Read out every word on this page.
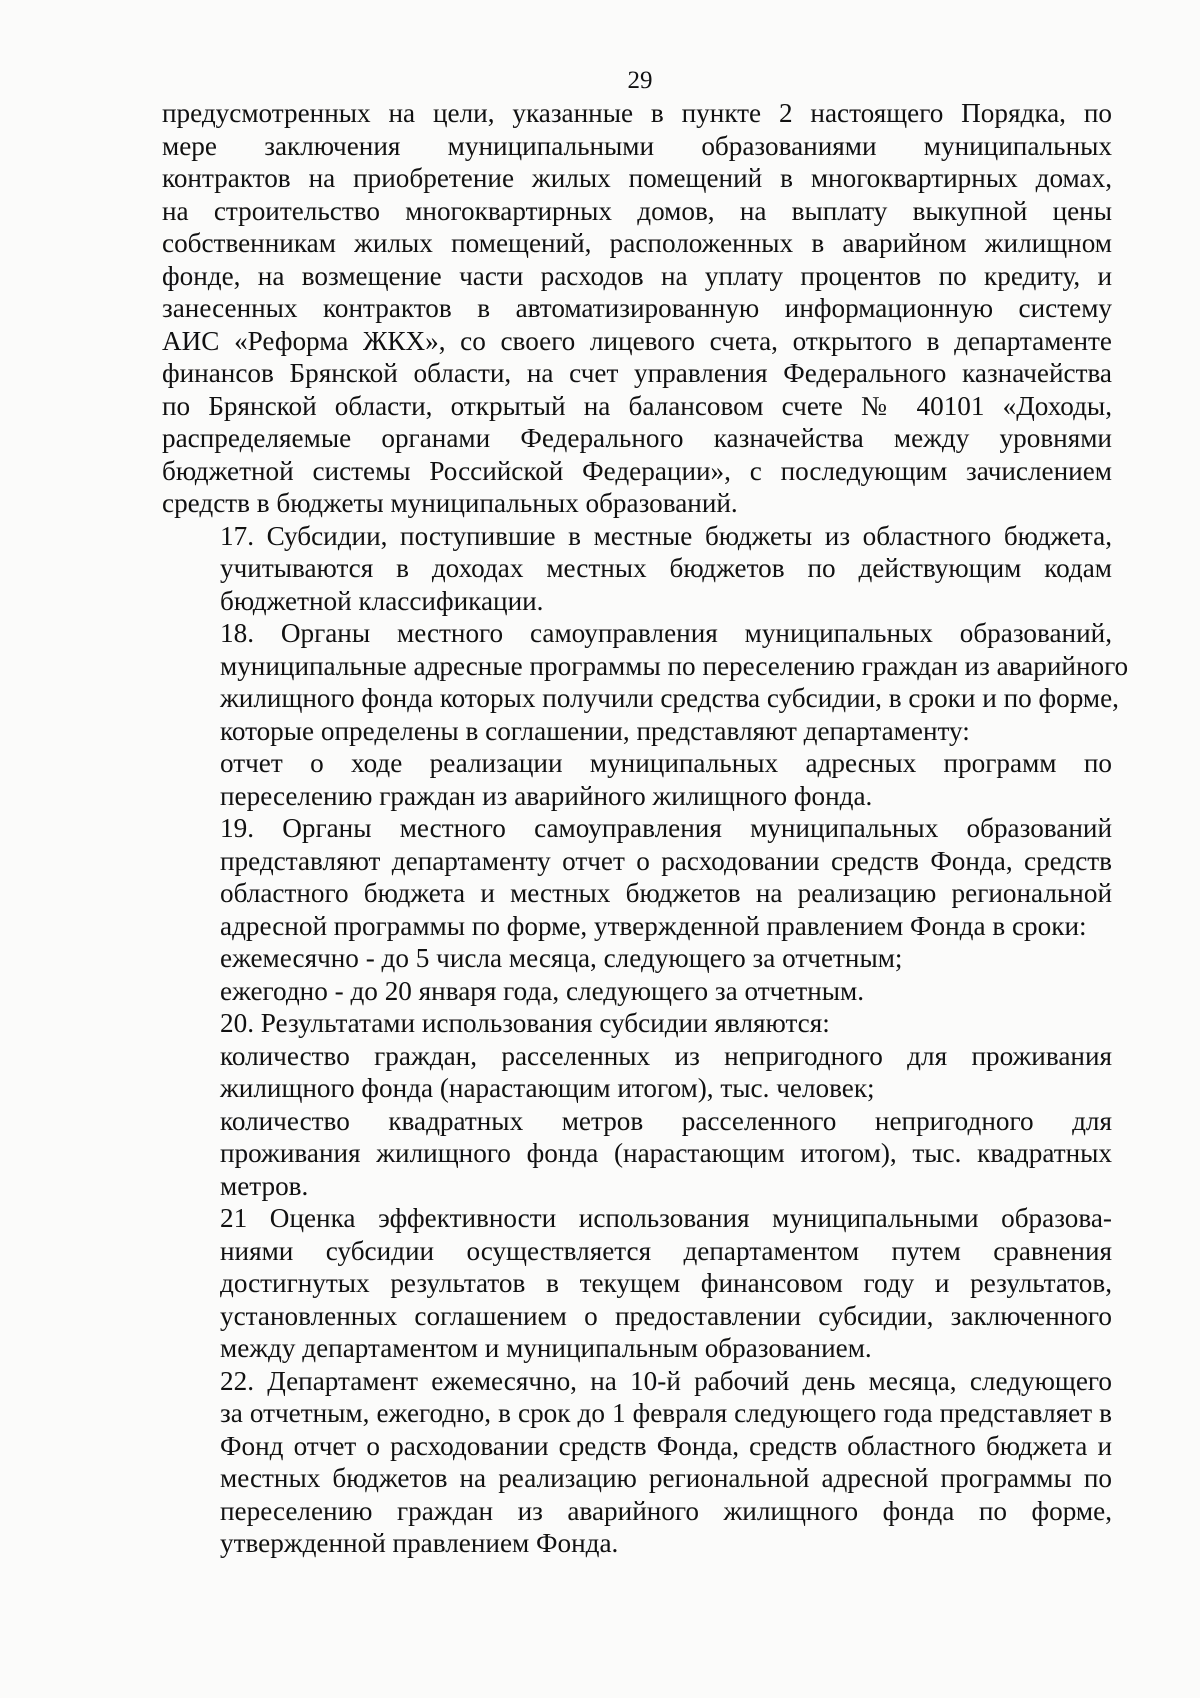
29

предусмотренных на цели, указанные в пункте 2 настоящего Порядка, по
мере заключения муниципальными образованиями муниципальных
контрактов на приобретение жилых помещений в многоквартирных домах,
на строительство многоквартирных домов, на выплату выкупной цены
собственникам жилых помещений, расположенных в аварийном жилищном
фонде, на возмещение части расходов на уплату процентов по кредиту, и
занесенных контрактов в автоматизированную информационную систему
АИС «Реформа ЖКХ», со своего лицевого счета, открытого в департаменте
финансов Брянской области, на счет управления Федерального казначейства
по Брянской области, открытый на балансовом счете № 40101 «Доходы,
распределяемые органами Федерального казначейства между уровнями
бюджетной системы Российской Федерации», с последующим зачислением
средств в бюджеты муниципальных образований.

17. Субсидии, поступившие в местные бюджеты из областного бюджета,
учитываются в доходах местных бюджетов по действующим кодам
бюджетной классификации.

18. Органы местного самоуправления муниципальных образований,
муниципальные адресные программы по переселению граждан из аварийного
жилищного фонда которых получили средства субсидии, в сроки и по форме,
которые определены в соглашении, представляют департаменту:

отчет о ходе реализации муниципальных адресных программ по
переселению граждан из аварийного жилищного фонда.

19. Органы местного самоуправления муниципальных образований
представляют департаменту отчет о расходовании средств Фонда, средств
областного бюджета и местных бюджетов на реализацию региональной
адресной программы по форме, утвержденной правлением Фонда в сроки:

ежемесячно - до 5 числа месяца, следующего за отчетным;

ежегодно - до 20 января года, следующего за отчетным.

20. Результатами использования субсидии являются:

количество граждан, расселенных из непригодного для проживания
жилищного фонда (нарастающим итогом), тыс. человек;

количество квадратных метров расселенного непригодного для
проживания жилищного фонда (нарастающим итогом), тыс. квадратных
метров.

21 Оценка эффективности использования муниципальными образова-
ниями субсидии осуществляется департаментом путем сравнения
достигнутых результатов в текущем финансовом году и результатов,
установленных соглашением о предоставлении субсидии, заключенного
между департаментом и муниципальным образованием.

22. Департамент ежемесячно, на 10-й рабочий день месяца, следующего
за отчетным, ежегодно, в срок до 1 февраля следующего года представляет в
Фонд отчет о расходовании средств Фонда, средств областного бюджета и
местных бюджетов на реализацию региональной адресной программы по
переселению граждан из аварийного жилищного фонда по форме,
утвержденной правлением Фонда.
